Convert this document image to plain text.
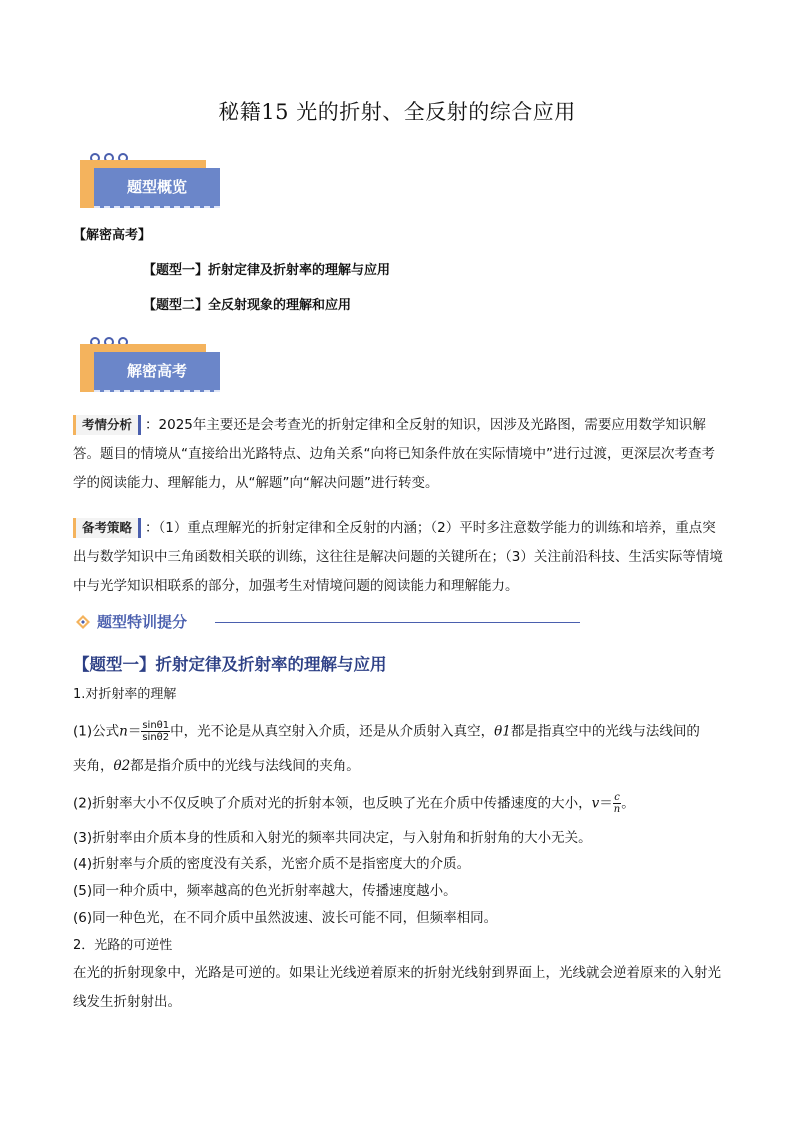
秘籍15 光的折射、全反射的综合应用
题型概览
【解密高考】
【题型一】折射定律及折射率的理解与应用
【题型二】全反射现象的理解和应用
解密高考
考情分析 ：2025年主要还是会考查光的折射定律和全反射的知识，因涉及光路图，需要应用数学知识解答。题目的情境从“直接给出光路特点、边角关系“向将已知条件放在实际情境中”进行过渡，更深层次考查考学的阅读能力、理解能力，从“解题”向“解决问题”进行转变。
备考策略 ：（1）重点理解光的折射定律和全反射的内涵；（2）平时多注意数学能力的训练和培养，重点突出与数学知识中三角函数相关联的训练，这往往是解决问题的关键所在；（3）关注前沿科技、生活实际等情境中与光学知识相联系的部分，加强考生对情境问题的阅读能力和理解能力。
题型特训提分
【题型一】折射定律及折射率的理解与应用
1.对折射率的理解
(1)公式$n= \frac{\sin\theta 1}{\sin\theta 2}$ 中，光不论是从真空射入介质，还是从介质射入真空，θ1都是指真空中的光线与法线间的
夹角，θ2都是指介质中的光线与法线间的夹角。
(2)折射率大小不仅反映了介质对光的折射本领，也反映了光在介质中传播速度的大小，$v= \frac{c}{n}$ 。
(3)折射率由介质本身的性质和入射光的频率共同决定，与入射角和折射角的大小无关。
(4)折射率与介质的密度没有关系，光密介质不是指密度大的介质。
(5)同一种介质中，频率越高的色光折射率越大，传播速度越小。
(6)同一种色光，在不同介质中虽然波速、波长可能不同，但频率相同。
2．光路的可逆性
在光的折射现象中，光路是可逆的。如果让光线逆着原来的折射光线射到界面上，光线就会逆着原来的入射光线发生折射射出。
